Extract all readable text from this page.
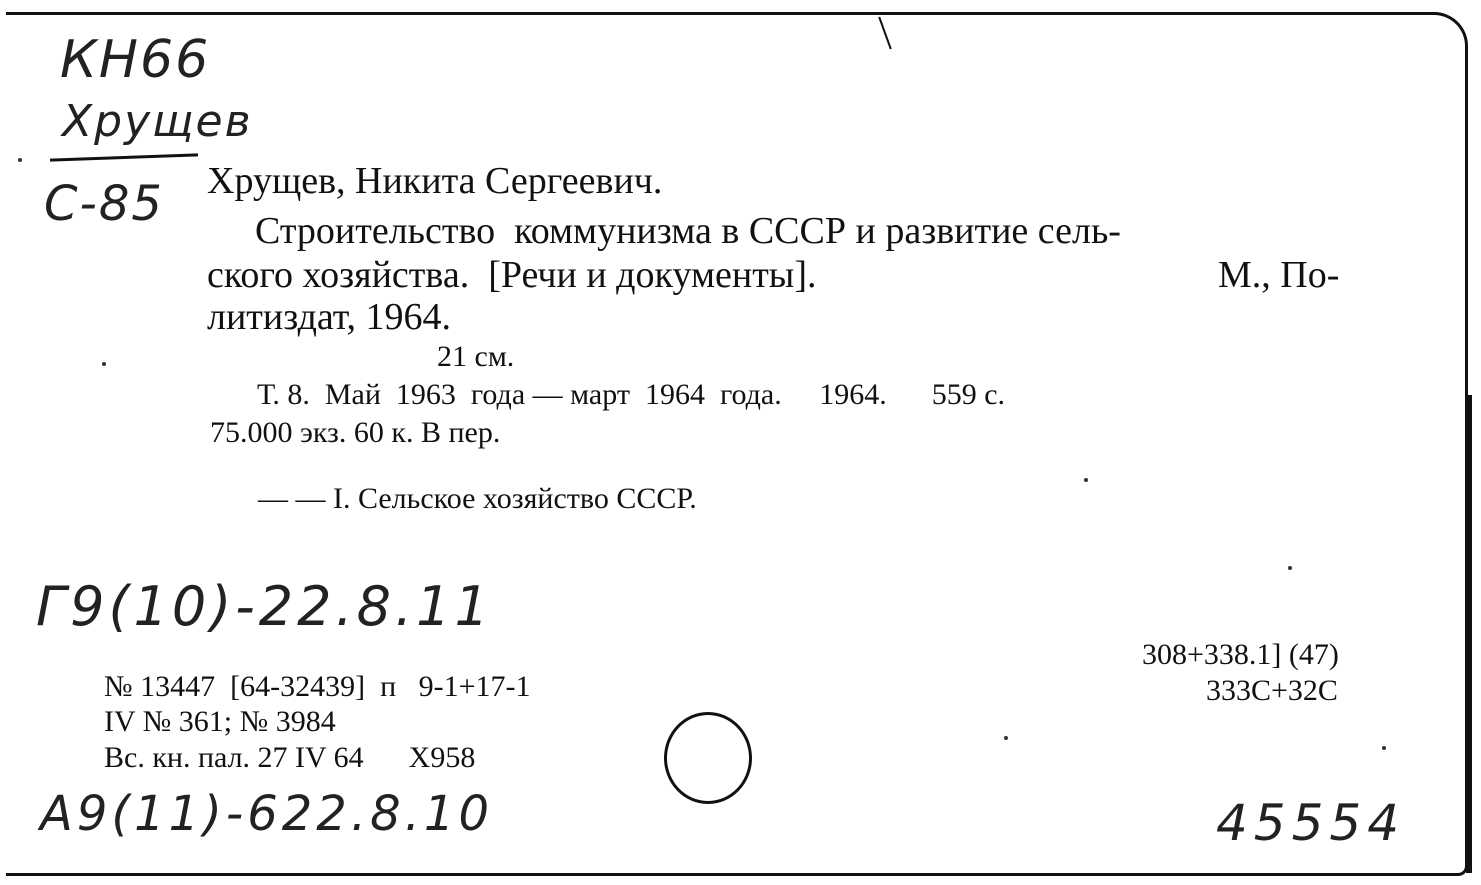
КН66
Хрущев
С-85
Г9(10)-22.8.11
А9(11)-622.8.10	45554
Хрущев, Никита Сергеевич.
Строительство  коммунизма в СССР и развитие сель-
ского хозяйства.  [Речи и документы].	М., По-
литиздат, 1964.
21 см.
Т. 8.  Май  1963  года — март  1964  года.     1964.      559 с.
75.000 экз. 60 к. В пер.
— — I. Сельское хозяйство СССР.
№ 13447  [64-32439]  п   9-1+17-1
IV № 361; № 3984
Вс. кн. пал. 27 IV 64      X958
308+338.1] (47)
333С+32С
